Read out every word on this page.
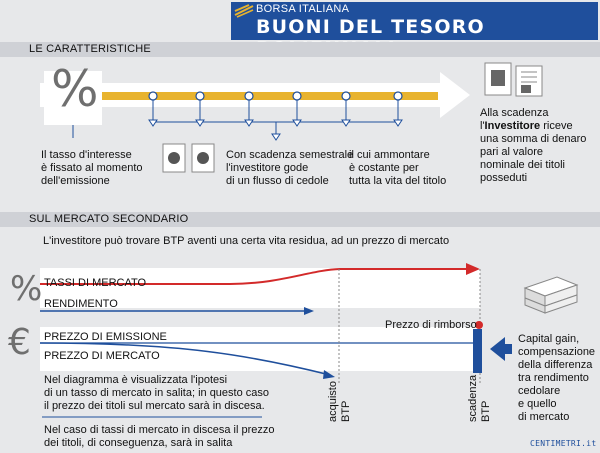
BORSA ITALIANA
BUONI DEL TESORO
LE CARATTERISTICHE
%
Il tasso d'interesse
è fissato al momento
dell'emissione
Con scadenza semestrale
l'investitore gode
di un flusso di cedole
il cui ammontare
è costante per
tutta la vita del titolo
Alla scadenza
l'Investitore riceve
una somma di denaro
pari al valore
nominale dei titoli
posseduti
SUL MERCATO SECONDARIO
L'investitore può trovare BTP aventi una certa vita residua, ad un prezzo di mercato
%
€
TASSI DI MERCATO
RENDIMENTO
PREZZO DI EMISSIONE
PREZZO DI MERCATO
Prezzo di rimborso
acquisto BTP	scadenza BTP
Nel diagramma è visualizzata l'ipotesi
di un tasso di mercato in salita; in questo caso
il prezzo dei titoli sul mercato sarà in discesa.
Nel caso di tassi di mercato in discesa il prezzo
dei titoli, di conseguenza, sarà in salita
Capital gain,
compensazione
della differenza
tra rendimento
cedolare
e quello
di mercato
CENTIMETRI.it
